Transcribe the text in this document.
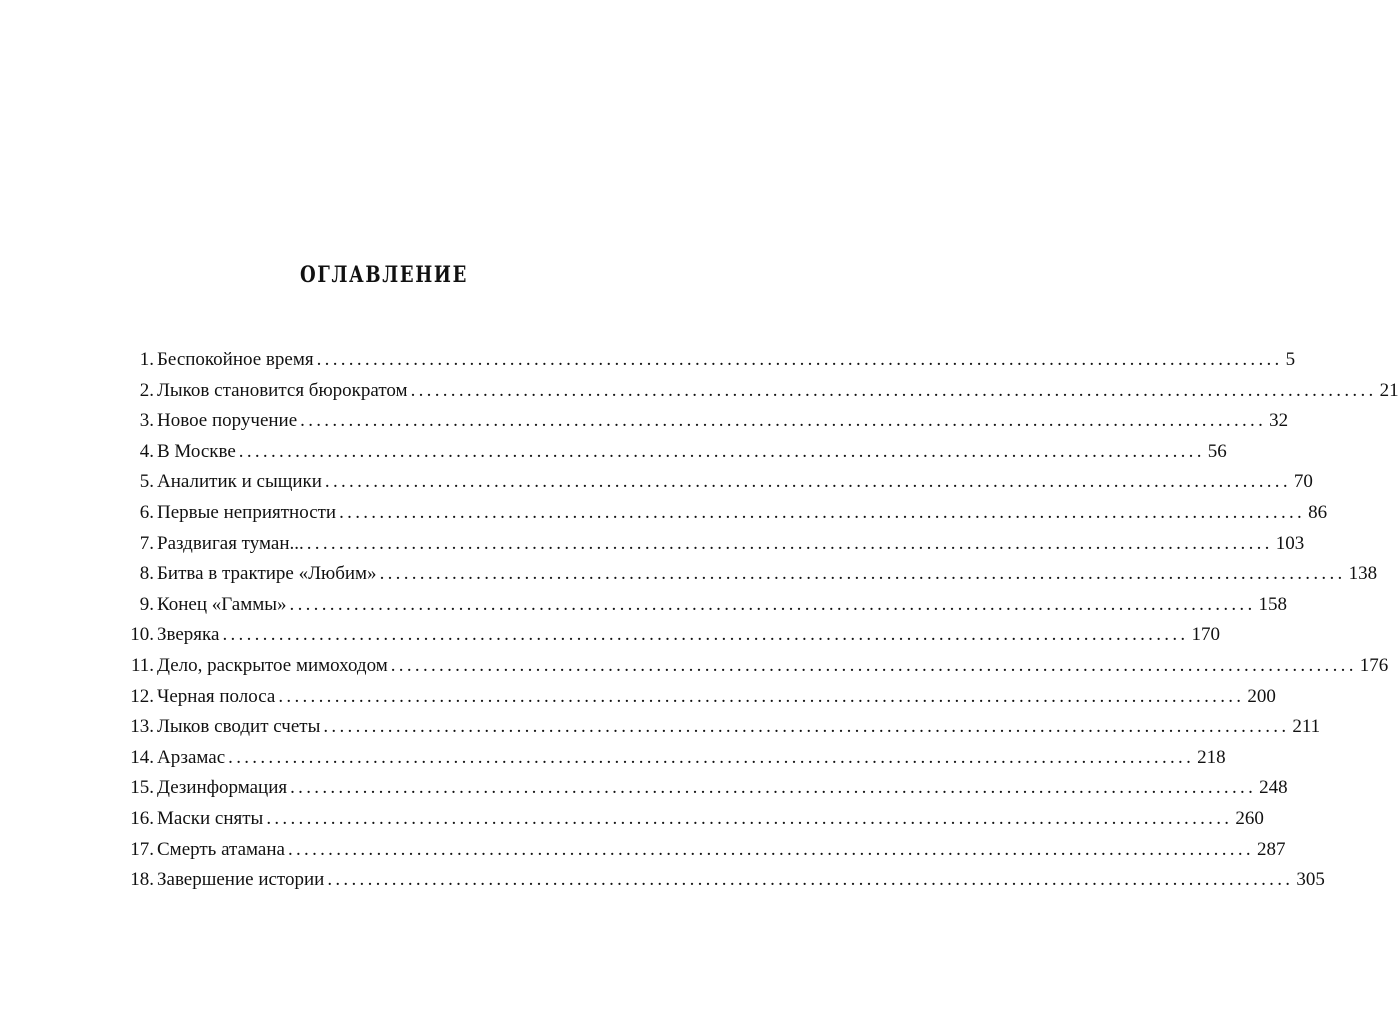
ОГЛАВЛЕНИЕ
1. Беспокойное время ........................................................................................................................ 5
2. Лыков становится бюрократом ........................................................................................................................ 21
3. Новое поручение ........................................................................................................................ 32
4. В Москве ........................................................................................................................ 56
5. Аналитик и сыщики ........................................................................................................................ 70
6. Первые неприятности ........................................................................................................................ 86
7. Раздвигая туман... ........................................................................................................................ 103
8. Битва в трактире «Любим» ........................................................................................................................ 138
9. Конец «Гаммы» ........................................................................................................................ 158
10. Зверяка ........................................................................................................................ 170
11. Дело, раскрытое мимоходом ........................................................................................................................ 176
12. Черная полоса ........................................................................................................................ 200
13. Лыков сводит счеты ........................................................................................................................ 211
14. Арзамас ........................................................................................................................ 218
15. Дезинформация ........................................................................................................................ 248
16. Маски сняты ........................................................................................................................ 260
17. Смерть атамана ........................................................................................................................ 287
18. Завершение истории ........................................................................................................................ 305
